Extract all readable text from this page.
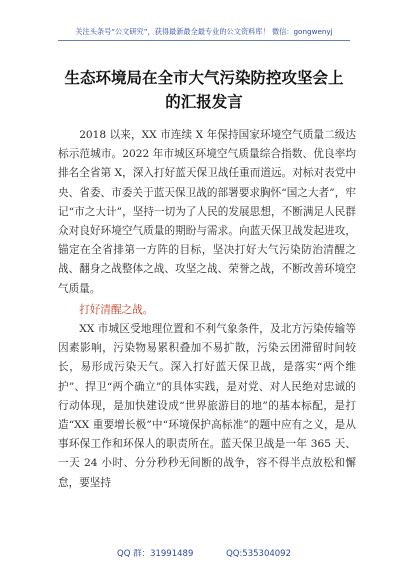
关注头条号“公文研究”，获得最新最全最专业的公文资料库！ 微信：gongwenyj
生态环境局在全市大气污染防控攻坚会上
的汇报发言

2018 以来，XX 市连续 X 年保持国家环境空气质量二级达标示范城市。2022 年市城区环境空气质量综合指数、优良率均排名全省第 X，深入打好蓝天保卫战任重而道远。对标对表党中央、省委、市委关于蓝天保卫战的部署要求胸怀“国之大者”，牢记“市之大计”，坚持一切为了人民的发展思想，不断满足人民群众对良好环境空气质量的期盼与需求。向蓝天保卫战发起进攻，锚定在全省排第一方阵的目标，坚决打好大气污染防治清醒之战、翻身之战整体之战、攻坚之战、荣誉之战，不断改善环境空气质量。

打好清醒之战。

XX 市城区受地理位置和不利气象条件，及北方污染传输等因素影响，污染物易累积叠加不易扩散，污染云团滞留时间较长，易形成污染天气。深入打好蓝天保卫战，是落实“两个维护”、捍卫“两个确立”的具体实践，是对党、对人民绝对忠诚的行动体现，是加快建设成“世界旅游目的地”的基本标配，是打造“XX 重要增长极”中“环境保护高标准”的题中应有之义，是从事环保工作和环保人的职责所在。蓝天保卫战是一年 365 天、一天 24 小时、分分秒秒无间断的战争，容不得半点放松和懈怠，要坚持

QQ 群：31991489	QQ:535304092
